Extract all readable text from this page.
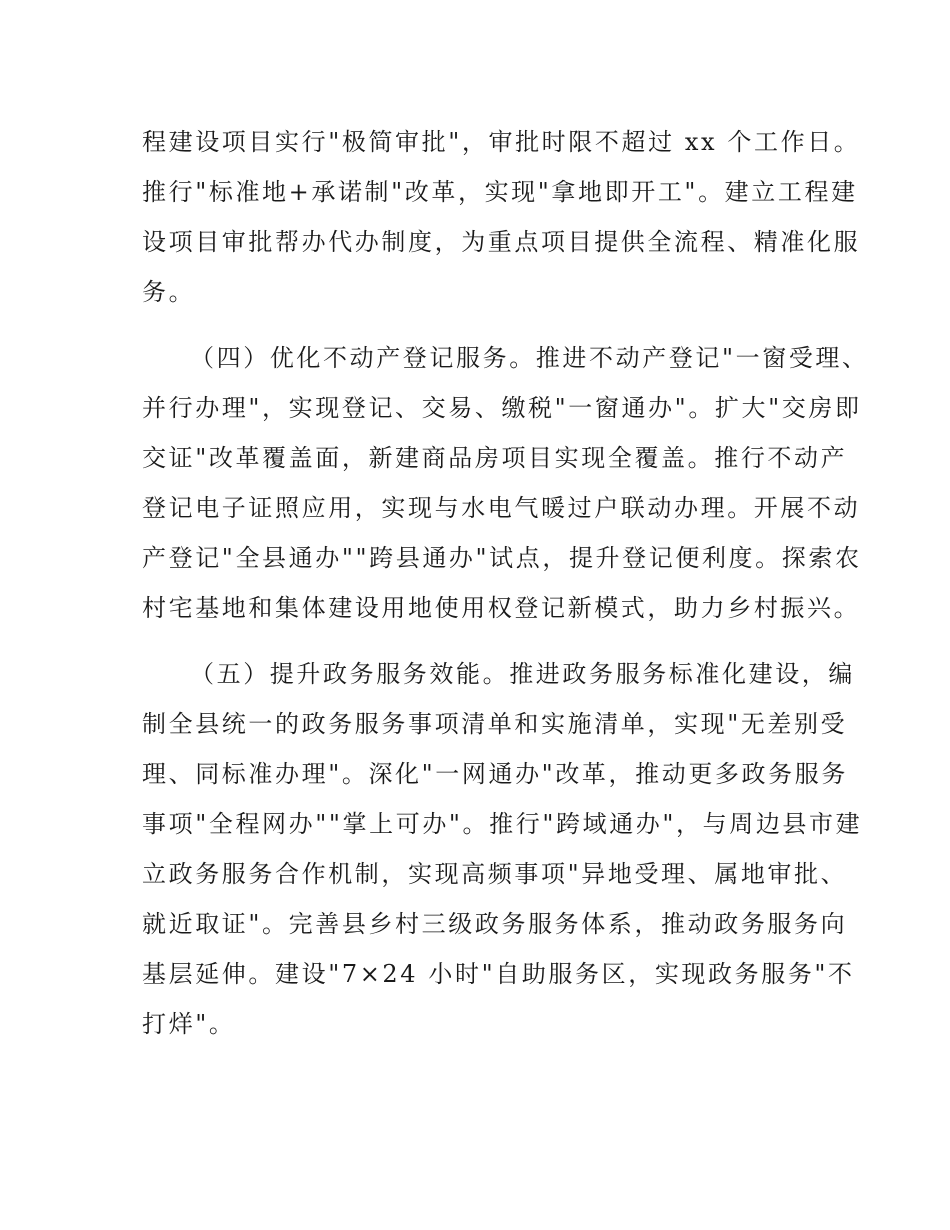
程建设项目实行"极简审批"，审批时限不超过 xx 个工作日。
推行"标准地+承诺制"改革，实现"拿地即开工"。建立工程建
设项目审批帮办代办制度，为重点项目提供全流程、精准化服
务。
（四）优化不动产登记服务。推进不动产登记"一窗受理、
并行办理"，实现登记、交易、缴税"一窗通办"。扩大"交房即
交证"改革覆盖面，新建商品房项目实现全覆盖。推行不动产
登记电子证照应用，实现与水电气暖过户联动办理。开展不动
产登记"全县通办""跨县通办"试点，提升登记便利度。探索农
村宅基地和集体建设用地使用权登记新模式，助力乡村振兴。
（五）提升政务服务效能。推进政务服务标准化建设，编
制全县统一的政务服务事项清单和实施清单，实现"无差别受
理、同标准办理"。深化"一网通办"改革，推动更多政务服务
事项"全程网办""掌上可办"。推行"跨域通办"，与周边县市建
立政务服务合作机制，实现高频事项"异地受理、属地审批、
就近取证"。完善县乡村三级政务服务体系，推动政务服务向
基层延伸。建设"7×24 小时"自助服务区，实现政务服务"不
打烊"。
